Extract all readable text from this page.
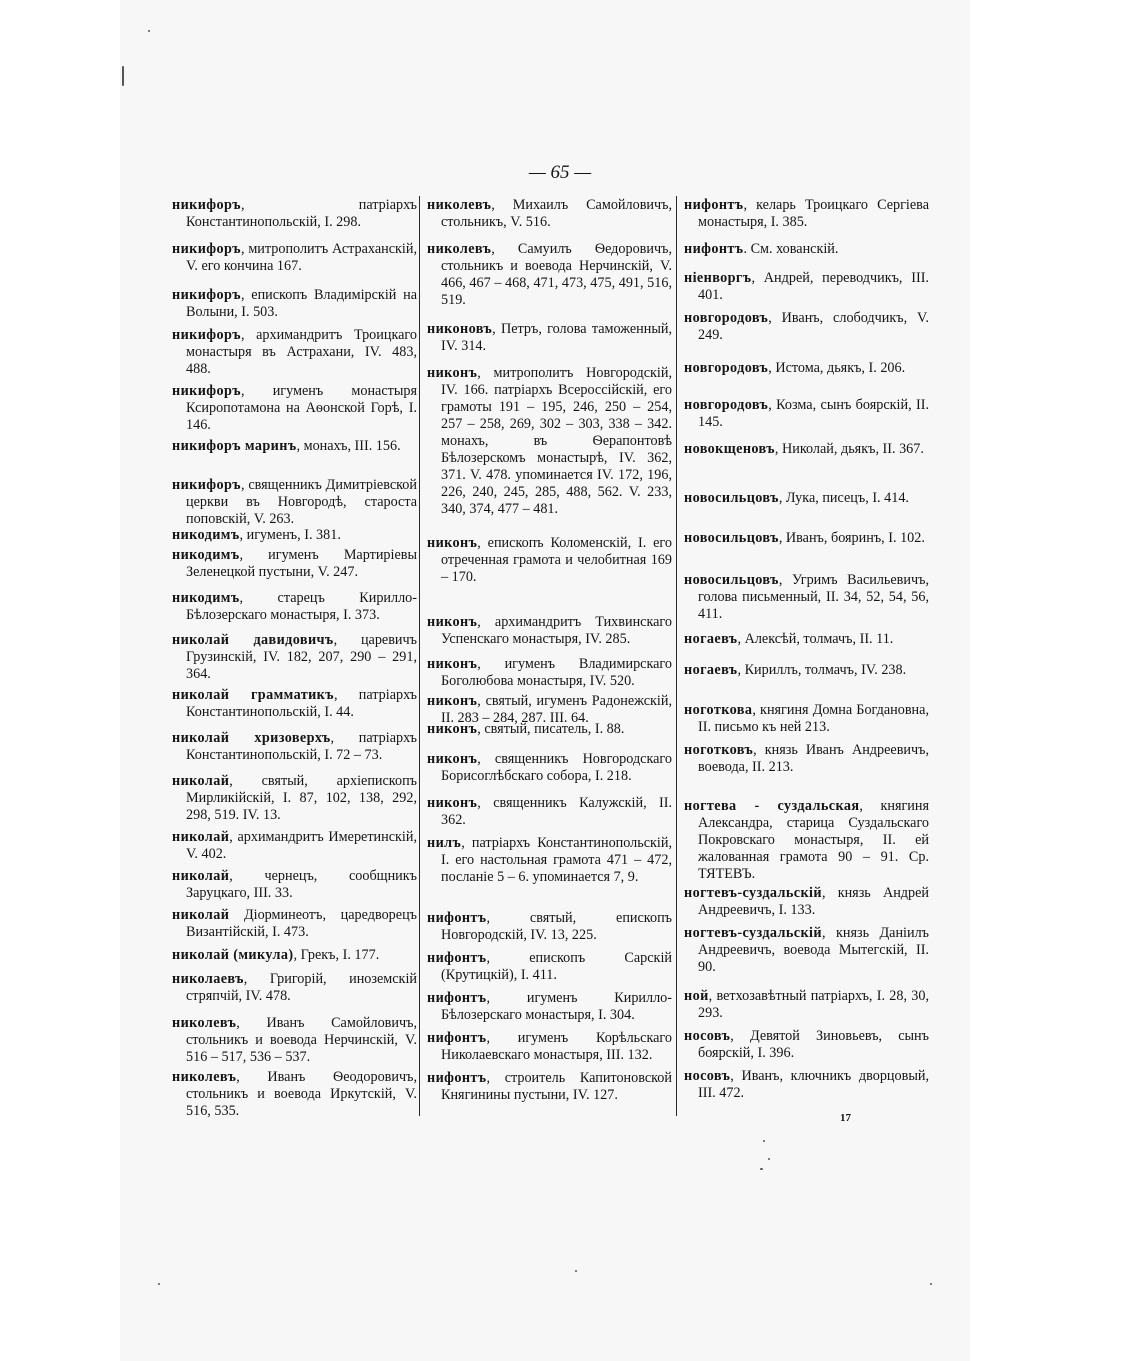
— 65 —
никифоръ, патріархъ Константинопольскій, I. 298.
никифоръ, митрополитъ Астраханскій, V. его кончина 167.
никифоръ, епископъ Владимірскій на Волыни, I. 503.
никифоръ, архимандритъ Троицкаго монастыря въ Астрахани, IV. 483, 488.
никифоръ, игуменъ монастыря Ксиропотамона на Аѳонской Горѣ, I. 146.
никифоръ маринъ, монахъ, III. 156.
никифоръ, священникъ Димитріевской церкви въ Новгородѣ, староста поповскій, V. 263.
никодимъ, игуменъ, I. 381.
никодимъ, игуменъ Мартиріевы Зеленецкой пустыни, V. 247.
никодимъ, старецъ Кирилло-Бѣлозерскаго монастыря, I. 373.
николай давидовичъ, царевичъ Грузинскій, IV. 182, 207, 290 – 291, 364.
николай грамматикъ, патріархъ Константинопольскій, I. 44.
николай хризоверхъ, патріархъ Константинопольскій, I. 72 – 73.
николай, святый, архіепископъ Мирликійскій, I. 87, 102, 138, 292, 298, 519. IV. 13.
николай, архимандритъ Имеретинскій, V. 402.
николай, чернецъ, сообщникъ Заруцкаго, III. 33.
николай Діорминеотъ, царедворецъ Византійскій, I. 473.
николай (микула), Грекъ, I. 177.
николаевъ, Григорій, иноземскій стряпчій, IV. 478.
николевъ, Иванъ Самойловичъ, стольникъ и воевода Нерчинскій, V. 516 – 517, 536 – 537.
николевъ, Иванъ Ѳеодоровичъ, стольникъ и воевода Иркутскій, V. 516, 535.
николевъ, Михаилъ Самойловичъ, стольникъ, V. 516.
николевъ, Самуилъ Ѳедоровичъ, стольникъ и воевода Нерчинскій, V. 466, 467 – 468, 471, 473, 475, 491, 516, 519.
никоновъ, Петръ, голова таможенный, IV. 314.
никонъ, митрополитъ Новгородскій, IV. 166. патріархъ Всероссійскій, его грамоты 191 – 195, 246, 250 – 254, 257 – 258, 269, 302 – 303, 338 – 342. монахъ, въ Ѳерапонтовѣ Бѣлозерскомъ монастырѣ, IV. 362, 371. V. 478. упоминается IV. 172, 196, 226, 240, 245, 285, 488, 562. V. 233, 340, 374, 477 – 481.
никонъ, епископъ Коломенскій, I. его отреченная грамота и челобитная 169 – 170.
никонъ, архимандритъ Тихвинскаго Успенскаго монастыря, IV. 285.
никонъ, игуменъ Владимирскаго Боголюбова монастыря, IV. 520.
никонъ, святый, игуменъ Радонежскій, II. 283 – 284, 287. III. 64.
никонъ, святый, писатель, I. 88.
никонъ, священникъ Новгородскаго Борисоглѣбскаго собора, I. 218.
никонъ, священникъ Калужскій, II. 362.
нилъ, патріархъ Константинопольскій, I. его настольная грамота 471 – 472, посланіе 5 – 6. упоминается 7, 9.
нифонтъ, святый, епископъ Новгородскій, IV. 13, 225.
нифонтъ, епископъ Сарскій (Крутицкій), I. 411.
нифонтъ, игуменъ Кирилло-Бѣлозерскаго монастыря, I. 304.
нифонтъ, игуменъ Корѣльскаго Николаевскаго монастыря, III. 132.
нифонтъ, строитель Капитоновской Княгинины пустыни, IV. 127.
нифонтъ, келарь Троицкаго Сергіева монастыря, I. 385.
нифонтъ. См. хованскій.
ніенворгъ, Андрей, переводчикъ, III. 401.
новгородовъ, Иванъ, слободчикъ, V. 249.
новгородовъ, Истома, дьякъ, I. 206.
новгородовъ, Козма, сынъ боярскій, II. 145.
новокщеновъ, Николай, дьякъ, II. 367.
новосильцовъ, Лука, писецъ, I. 414.
новосильцовъ, Иванъ, бояринъ, I. 102.
новосильцовъ, Угримъ Васильевичъ, голова письменный, II. 34, 52, 54, 56, 411.
ногаевъ, Алексѣй, толмачъ, II. 11.
ногаевъ, Кириллъ, толмачъ, IV. 238.
ноготкова, княгиня Домна Богдановна, II. письмо къ ней 213.
ноготковъ, князь Иванъ Андреевичъ, воевода, II. 213.
ногтева - суздальская, княгиня Александра, старица Суздальскаго Покровскаго монастыря, II. ей жалованная грамота 90 – 91. Ср. ТЯТЕВЪ.
ногтевъ-суздальскій, князь Андрей Андреевичъ, I. 133.
ногтевъ-суздальскій, князь Даніилъ Андреевичъ, воевода Мытегскій, II. 90.
ной, ветхозавѣтный патріархъ, I. 28, 30, 293.
носовъ, Девятой Зиновьевъ, сынъ боярскій, I. 396.
носовъ, Иванъ, ключникъ дворцовый, III. 472.
17
